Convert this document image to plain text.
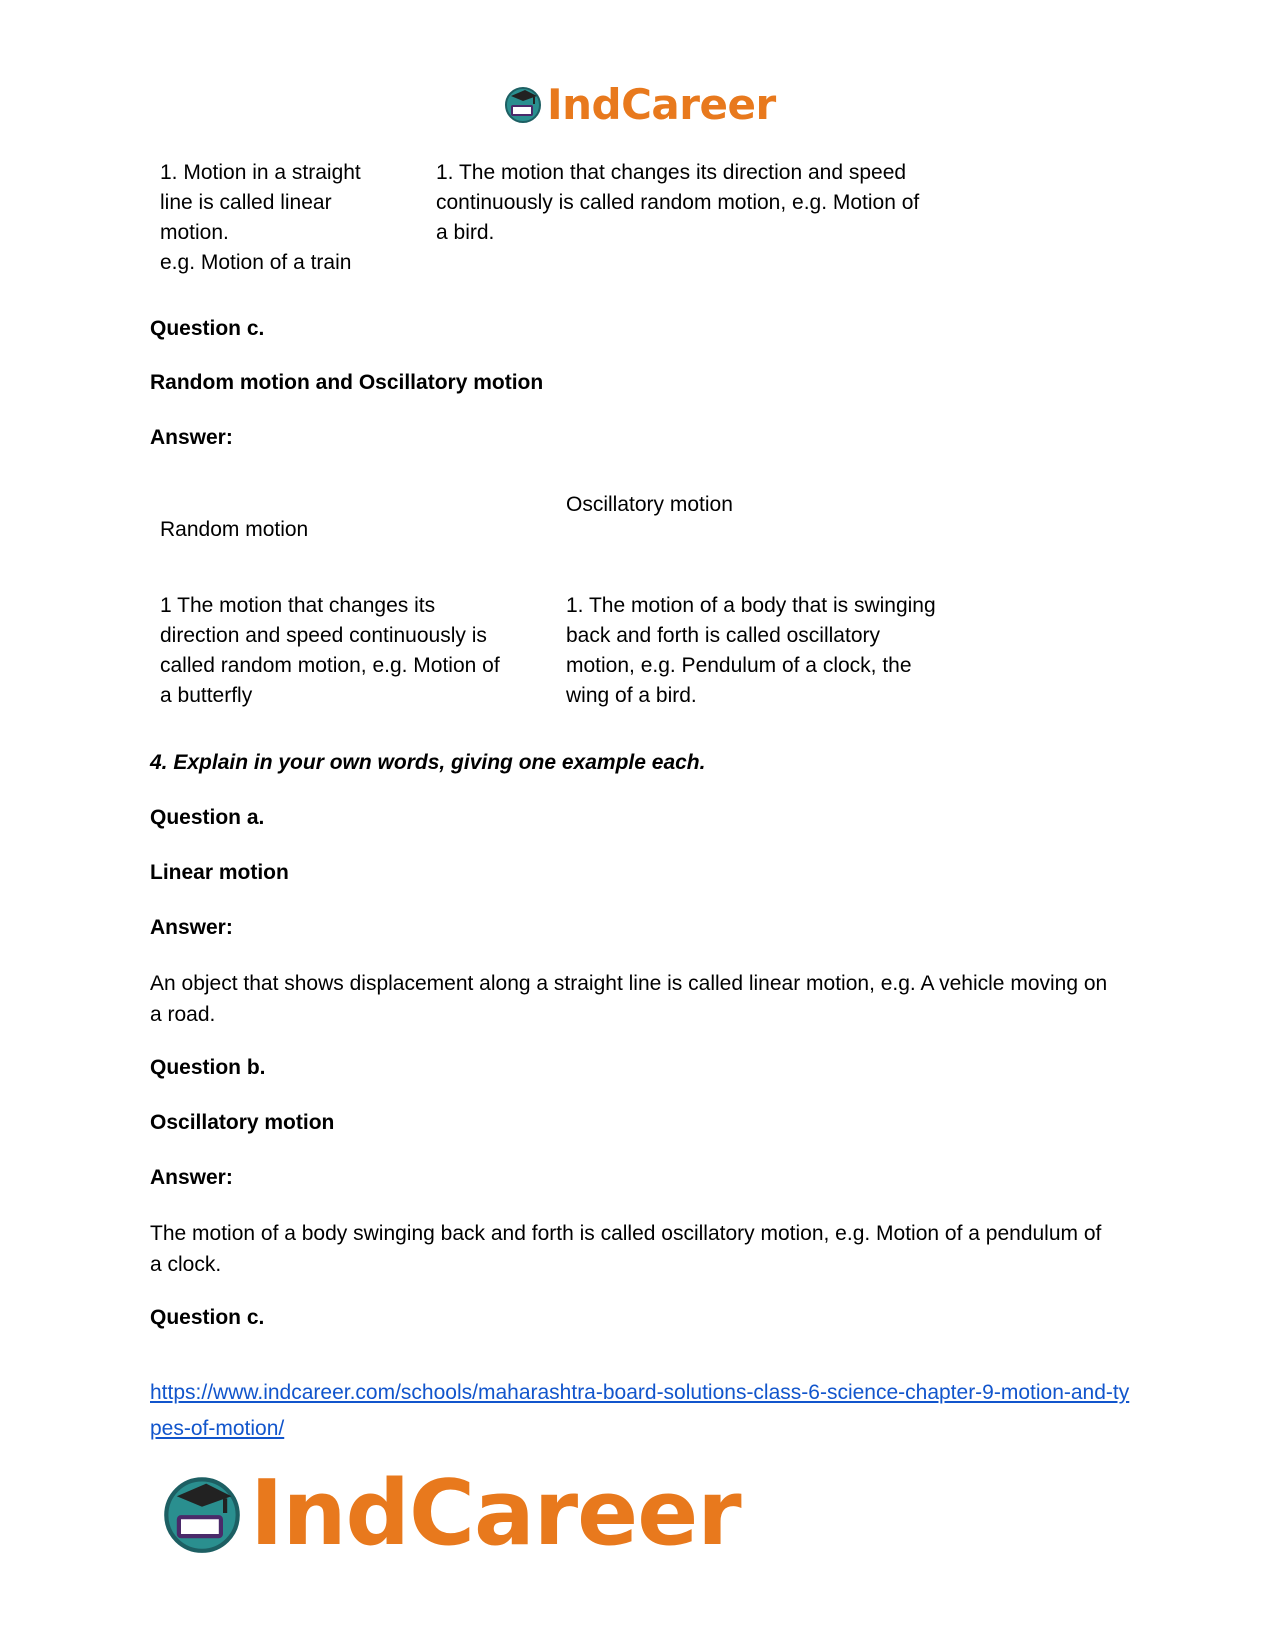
IndCareer
1. Motion in a straight
line is called linear
motion.
e.g. Motion of a train
1. The motion that changes its direction and speed
continuously is called random motion, e.g. Motion of
a bird.
Question c.
Random motion and Oscillatory motion
Answer:
Oscillatory motion
Random motion
1 The motion that changes its
direction and speed continuously is
called random motion, e.g. Motion of
a butterfly
1. The motion of a body that is swinging
back and forth is called oscillatory
motion, e.g. Pendulum of a clock, the
wing of a bird.
4. Explain in your own words, giving one example each.
Question a.
Linear motion
Answer:
An object that shows displacement along a straight line is called linear motion, e.g. A vehicle moving on a road.
Question b.
Oscillatory motion
Answer:
The motion of a body swinging back and forth is called oscillatory motion, e.g. Motion of a pendulum of a clock.
Question c.
https://www.indcareer.com/schools/maharashtra-board-solutions-class-6-science-chapter-9-motion-and-types-of-motion/
IndCareer
